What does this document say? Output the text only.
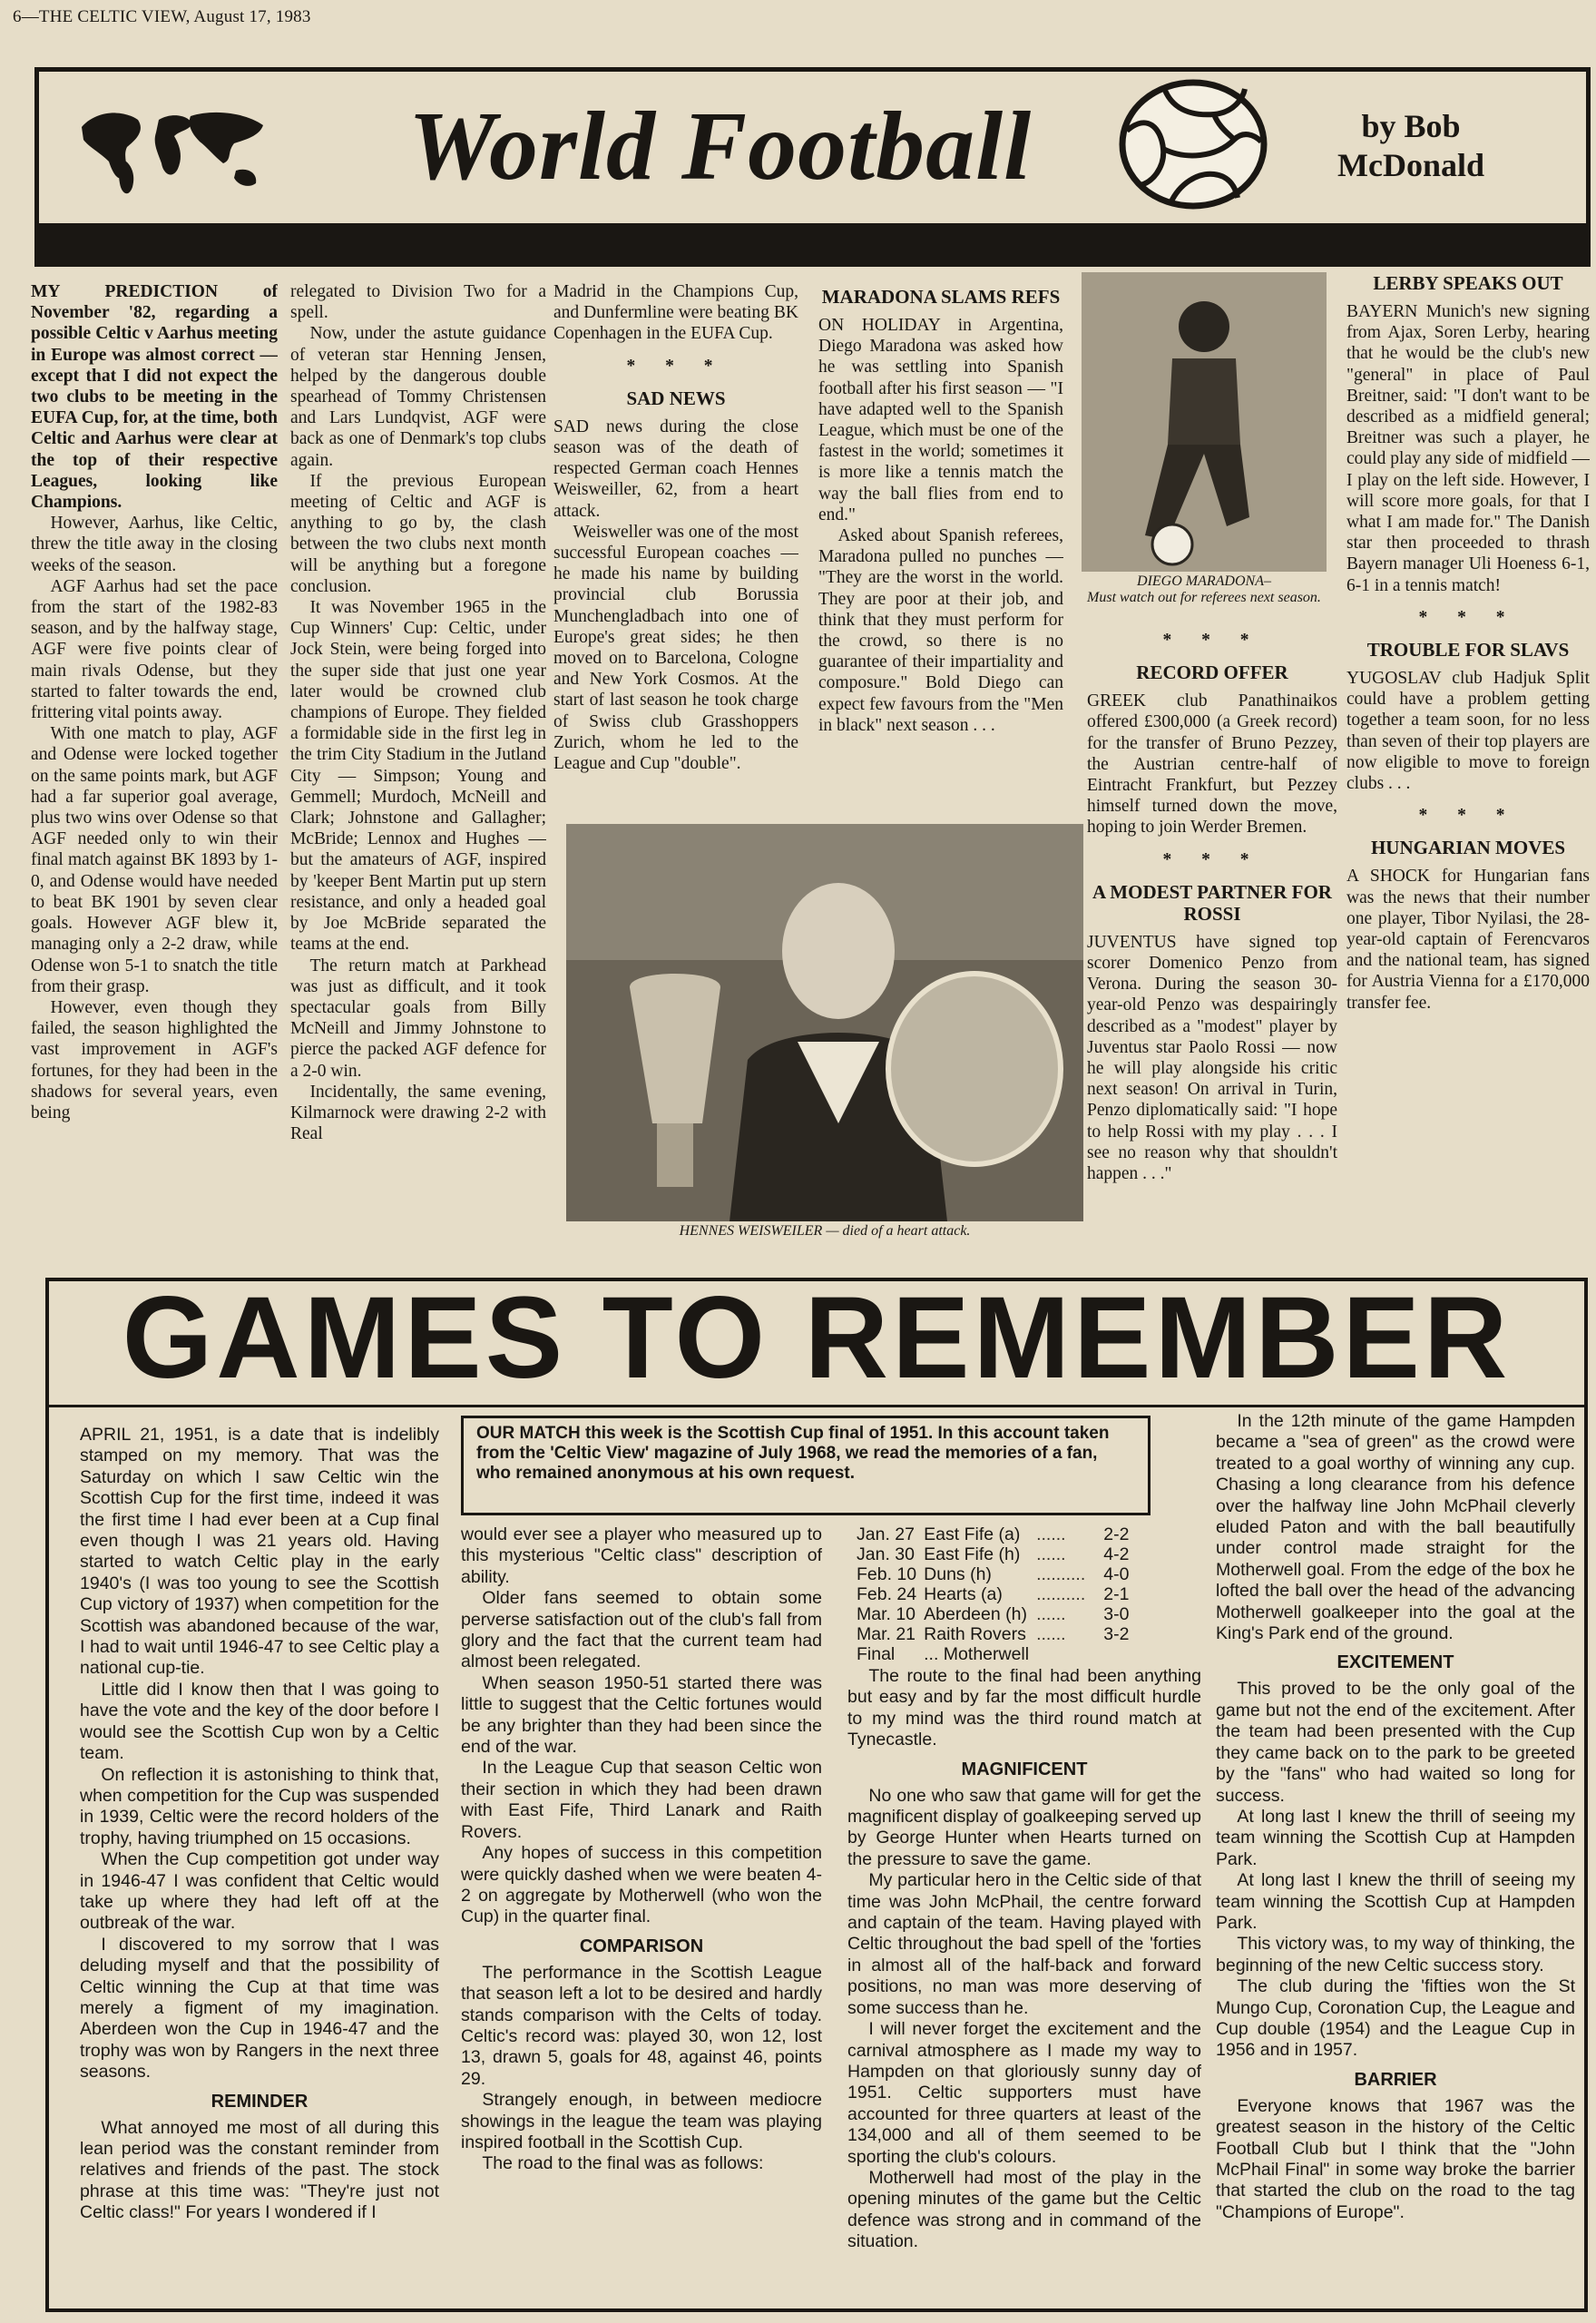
6—THE CELTIC VIEW, August 17, 1983
World Football	by Bob
McDonald

MY PREDICTION of November '82, regarding a possible Celtic v Aarhus meeting in Europe was almost correct — except that I did not expect the two clubs to be meeting in the EUFA Cup, for, at the time, both Celtic and Aarhus were clear at the top of their respective Leagues, looking like Champions.

However, Aarhus, like Celtic, threw the title away in the closing weeks of the season.

AGF Aarhus had set the pace from the start of the 1982-83 season, and by the halfway stage, AGF were five points clear of main rivals Odense, but they started to falter towards the end, frittering vital points away.

With one match to play, AGF and Odense were locked together on the same points mark, but AGF had a far superior goal average, plus two wins over Odense so that AGF needed only to win their final match against BK 1893 by 1-0, and Odense would have needed to beat BK 1901 by seven clear goals. However AGF blew it, managing only a 2-2 draw, while Odense won 5-1 to snatch the title from their grasp.

However, even though they failed, the season highlighted the vast improvement in AGF's fortunes, for they had been in the shadows for several years, even being

relegated to Division Two for a spell.

Now, under the astute guidance of veteran star Henning Jensen, helped by the dangerous double spearhead of Tommy Christensen and Lars Lundqvist, AGF were back as one of Denmark's top clubs again.

If the previous European meeting of Celtic and AGF is anything to go by, the clash between the two clubs next month will be anything but a foregone conclusion.

It was November 1965 in the Cup Winners' Cup: Celtic, under Jock Stein, were being forged into the super side that just one year later would be crowned club champions of Europe. They fielded a formidable side in the first leg in the trim City Stadium in the Jutland City — Simpson; Young and Gemmell; Murdoch, McNeill and Clark; Johnstone and Gallagher; McBride; Lennox and Hughes — but the amateurs of AGF, inspired by 'keeper Bent Martin put up stern resistance, and only a headed goal by Joe McBride separated the teams at the end.

The return match at Parkhead was just as difficult, and it took spectacular goals from Billy McNeill and Jimmy Johnstone to pierce the packed AGF defence for a 2-0 win.

Incidentally, the same evening, Kilmarnock were drawing 2-2 with Real

Madrid in the Champions Cup, and Dunfermline were beating BK Copenhagen in the EUFA Cup.

* * *

SAD NEWS

SAD news during the close season was of the death of respected German coach Hennes Weisweiller, 62, from a heart attack.

Weisweller was one of the most successful European coaches — he made his name by building provincial club Borussia Munchengladbach into one of Europe's great sides; he then moved on to Barcelona, Cologne and New York Cosmos. At the start of last season he took charge of Swiss club Grasshoppers Zurich, whom he led to the League and Cup "double".

MARADONA SLAMS REFS

ON HOLIDAY in Argentina, Diego Maradona was asked how he was settling into Spanish football after his first season — "I have adapted well to the Spanish League, which must be one of the fastest in the world; sometimes it is more like a tennis match the way the ball flies from end to end."

Asked about Spanish referees, Maradona pulled no punches — "They are the worst in the world. They are poor at their job, and think that they must perform for the crowd, so there is no guarantee of their impartiality and composure." Bold Diego can expect few favours from the "Men in black" next season . . .

HENNES WEISWEILER — died of a heart attack.
DIEGO MARADONA–
Must watch out for referees next season.

* * *

RECORD OFFER

GREEK club Panathinaikos offered £300,000 (a Greek record) for the transfer of Bruno Pezzey, the Austrian centre-half of Eintracht Frankfurt, but Pezzey himself turned down the move, hoping to join Werder Bremen.

* * *

A MODEST PARTNER FOR ROSSI

JUVENTUS have signed top scorer Domenico Penzo from Verona. During the season 30-year-old Penzo was despairingly described as a "modest" player by Juventus star Paolo Rossi — now he will play alongside his critic next season! On arrival in Turin, Penzo diplomatically said: "I hope to help Rossi with my play . . . I see no reason why that shouldn't happen . . ."

LERBY SPEAKS OUT

BAYERN Munich's new signing from Ajax, Soren Lerby, hearing that he would be the club's new "general" in place of Paul Breitner, said: "I don't want to be described as a midfield general; Breitner was such a player, he could play any side of midfield — I play on the left side. However, I will score more goals, for that I what I am made for." The Danish star then proceeded to thrash Bayern manager Uli Hoeness 6-1, 6-1 in a tennis match!

* * *

TROUBLE FOR SLAVS

YUGOSLAV club Hadjuk Split could have a problem getting together a team soon, for no less than seven of their top players are now eligible to move to foreign clubs . . .

* * *

HUNGARIAN MOVES

A SHOCK for Hungarian fans was the news that their number one player, Tibor Nyilasi, the 28-year-old captain of Ferencvaros and the national team, has signed for Austria Vienna for a £170,000 transfer fee.

GAMES TO REMEMBER
OUR MATCH this week is the Scottish Cup final of 1951. In this account taken from the 'Celtic View' magazine of July 1968, we read the memories of a fan, who remained anonymous at his own request.

APRIL 21, 1951, is a date that is indelibly stamped on my memory. That was the Saturday on which I saw Celtic win the Scottish Cup for the first time, indeed it was the first time I had ever been at a Cup final even though I was 21 years old. Having started to watch Celtic play in the early 1940's (I was too young to see the Scottish Cup victory of 1937) when competition for the Scottish was abandoned because of the war, I had to wait until 1946-47 to see Celtic play a national cup-tie.

Little did I know then that I was going to have the vote and the key of the door before I would see the Scottish Cup won by a Celtic team.

On reflection it is astonishing to think that, when competition for the Cup was suspended in 1939, Celtic were the record holders of the trophy, having triumphed on 15 occasions.

When the Cup competition got under way in 1946-47 I was confident that Celtic would take up where they had left off at the outbreak of the war.

I discovered to my sorrow that I was deluding myself and that the possibility of Celtic winning the Cup at that time was merely a figment of my imagination. Aberdeen won the Cup in 1946-47 and the trophy was won by Rangers in the next three seasons.

REMINDER

What annoyed me most of all during this lean period was the constant reminder from relatives and friends of the past. The stock phrase at this time was: "They're just not Celtic class!" For years I wondered if I

would ever see a player who measured up to this mysterious "Celtic class" description of ability.

Older fans seemed to obtain some perverse satisfaction out of the club's fall from glory and the fact that the current team had almost been relegated.

When season 1950-51 started there was little to suggest that the Celtic fortunes would be any brighter than they had been since the end of the war.

In the League Cup that season Celtic won their section in which they had been drawn with East Fife, Third Lanark and Raith Rovers.

Any hopes of success in this competition were quickly dashed when we were beaten 4-2 on aggregate by Motherwell (who won the Cup) in the quarter final.

COMPARISON

The performance in the Scottish League that season left a lot to be desired and hardly stands comparison with the Celts of today. Celtic's record was: played 30, won 12, lost 13, drawn 5, goals for 48, against 46, points 29.

Strangely enough, in between mediocre showings in the league the team was playing inspired football in the Scottish Cup.

The road to the final was as follows:

Jan. 27	East Fife (a)	......	2-2
Jan. 30	East Fife (h)	......	4-2
Feb. 10	Duns (h)	..........	4-0
Feb. 24	Hearts (a)	..........	2-1
Mar. 10	Aberdeen (h)	......	3-0
Mar. 21	Raith Rovers	......	3-2
Final	... Motherwell		

The route to the final had been anything but easy and by far the most difficult hurdle to my mind was the third round match at Tynecastle.

MAGNIFICENT

No one who saw that game will for get the magnificent display of goalkeeping served up by George Hunter when Hearts turned on the pressure to save the game.

My particular hero in the Celtic side of that time was John McPhail, the centre forward and captain of the team. Having played with Celtic throughout the bad spell of the 'forties in almost all of the half-back and forward positions, no man was more deserving of some success than he.

I will never forget the excitement and the carnival atmosphere as I made my way to Hampden on that gloriously sunny day of 1951. Celtic supporters must have accounted for three quarters at least of the 134,000 and all of them seemed to be sporting the club's colours.

Motherwell had most of the play in the opening minutes of the game but the Celtic defence was strong and in command of the situation.

In the 12th minute of the game Hampden became a "sea of green" as the crowd were treated to a goal worthy of winning any cup. Chasing a long clearance from his defence over the halfway line John McPhail cleverly eluded Paton and with the ball beautifully under control made straight for the Motherwell goal. From the edge of the box he lofted the ball over the head of the advancing Motherwell goalkeeper into the goal at the King's Park end of the ground.

EXCITEMENT

This proved to be the only goal of the game but not the end of the excitement. After the team had been presented with the Cup they came back on to the park to be greeted by the "fans" who had waited so long for success.

At long last I knew the thrill of seeing my team winning the Scottish Cup at Hampden Park.

At long last I knew the thrill of seeing my team winning the Scottish Cup at Hampden Park.

This victory was, to my way of thinking, the beginning of the new Celtic success story.

The club during the 'fifties won the St Mungo Cup, Coronation Cup, the League and Cup double (1954) and the League Cup in 1956 and in 1957.

BARRIER

Everyone knows that 1967 was the greatest season in the history of the Celtic Football Club but I think that the "John McPhail Final" in some way broke the barrier that started the club on the road to the tag "Champions of Europe".
